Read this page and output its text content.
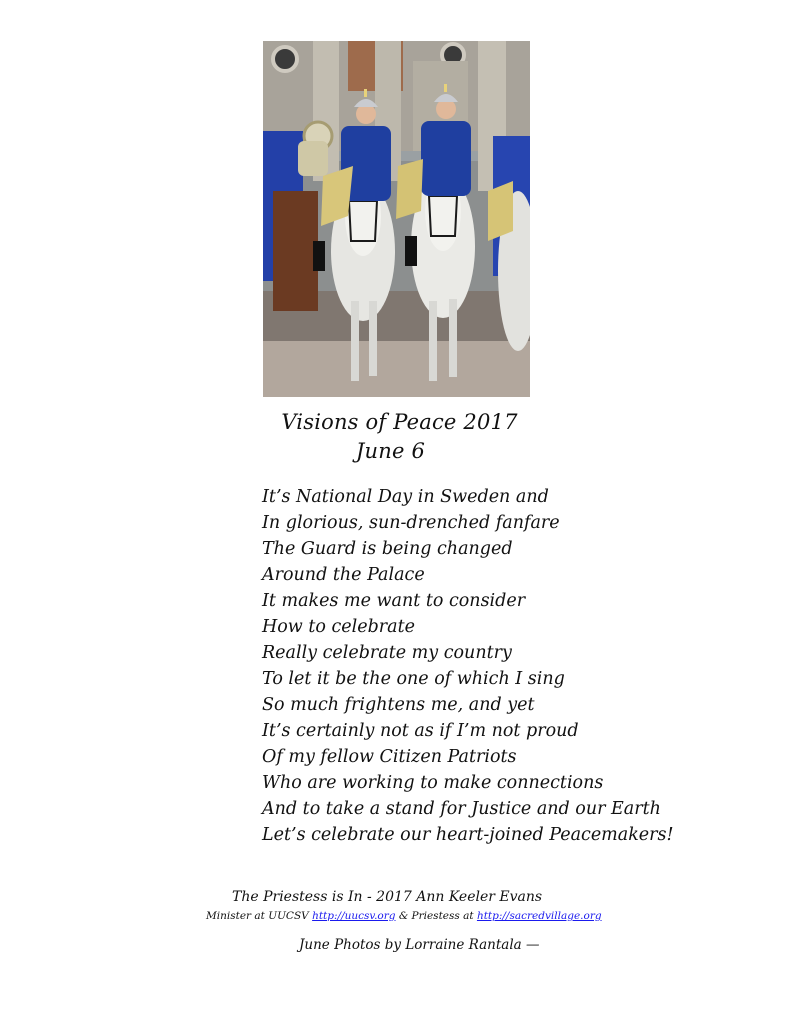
Visions of Peace 2017
June 6
It’s National Day in Sweden and
In glorious, sun-drenched fanfare
The Guard is being changed
Around the Palace
It makes me want to consider
How to celebrate
Really celebrate my country
To let it be the one of which I sing
So much frightens me, and yet
It’s certainly not as if I’m not proud
Of my fellow Citizen Patriots
Who are working to make connections
And to take a stand for Justice and our Earth
Let’s celebrate our heart-joined Peacemakers!
The Priestess is In - 2017 Ann Keeler Evans
Minister at UUCSV http://uucsv.org & Priestess at http://sacredvillage.org
June Photos by Lorraine Rantala —
